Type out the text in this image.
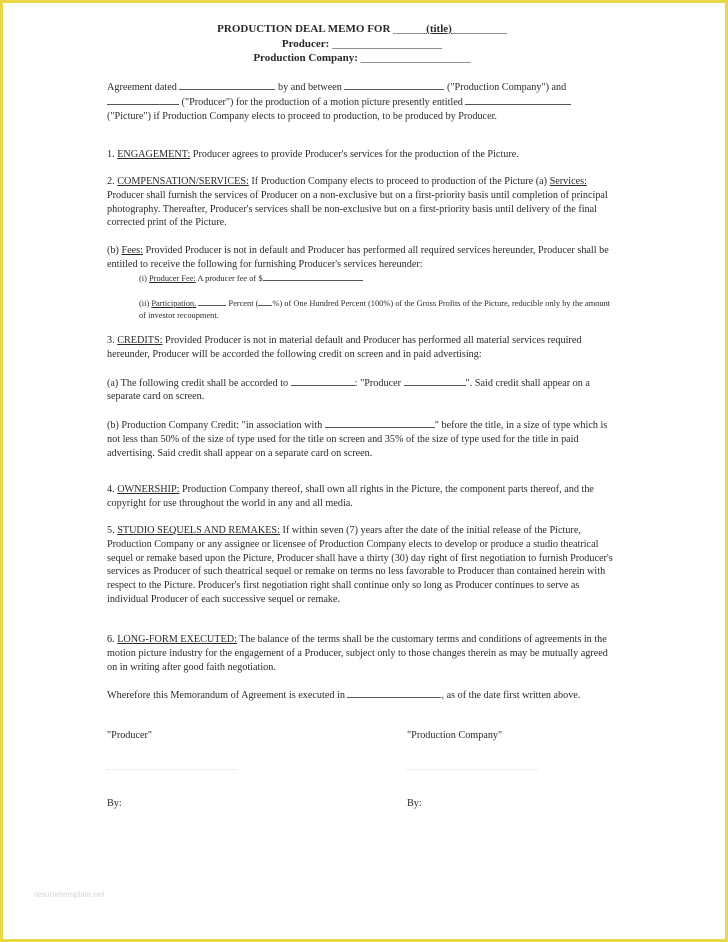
PRODUCTION DEAL MEMO FOR ______(title)__________
Producer: ____________________
Production Company: ____________________

Agreement dated	by and between	("Production Company") and  ("Producer") for the production of a motion picture presently entitled  ("Picture") if Production Company elects to proceed to production, to be produced by Producer.

1. ENGAGEMENT: Producer agrees to provide Producer's services for the production of the Picture.

2. COMPENSATION/SERVICES: If Production Company elects to proceed to production of the Picture (a) Services: Producer shall furnish the services of Producer on a non-exclusive but on a first-priority basis until completion of principal photography. Thereafter, Producer's services shall be non-exclusive but on a first-priority basis until delivery of the final corrected print of the Picture.

(b) Fees: Provided Producer is not in default and Producer has performed all required services hereunder, Producer shall be entitled to receive the following for furnishing Producer's services hereunder:

(i) Producer Fee: A producer fee of $

(ii) Participation.	Percent ( %) of One Hundred Percent (100%) of the Gross Profits of the Picture, reducible only by the amount of investor recoupment.

3. CREDITS: Provided Producer is not in material default and Producer has performed all material services required hereunder, Producer will be accorded the following credit on screen and in paid advertising:

(a) The following credit shall be accorded to	: "Producer	". Said credit shall appear on a separate card on screen.

(b) Production Company Credit: "in association with	" before the title, in a size of type which is not less than 50% of the size of type used for the title on screen and 35% of the size of type used for the title in paid advertising. Said credit shall appear on a separate card on screen.

4. OWNERSHIP: Production Company thereof, shall own all rights in the Picture, the component parts thereof, and the copyright for use throughout the world in any and all media.

5. STUDIO SEQUELS AND REMAKES: If within seven (7) years after the date of the initial release of the Picture, Production Company or any assignee or licensee of Production Company elects to develop or produce a studio theatrical sequel or remake based upon the Picture, Producer shall have a thirty (30) day right of first negotiation to furnish Producer's services as Producer of such theatrical sequel or remake on terms no less favorable to Producer than contained herein with respect to the Picture. Producer's first negotiation right shall continue only so long as Producer continues to serve as individual Producer of each successive sequel or remake.

6. LONG-FORM EXECUTED: The balance of the terms shall be the customary terms and conditions of agreements in the motion picture industry for the engagement of a Producer, subject only to those changes therein as may be mutually agreed on in writing after good faith negotiation.

Wherefore this Memorandum of Agreement is executed in	, as of the date first written above.

"Producer"	"Production Company"
By:	By:
resumetemplate.net
